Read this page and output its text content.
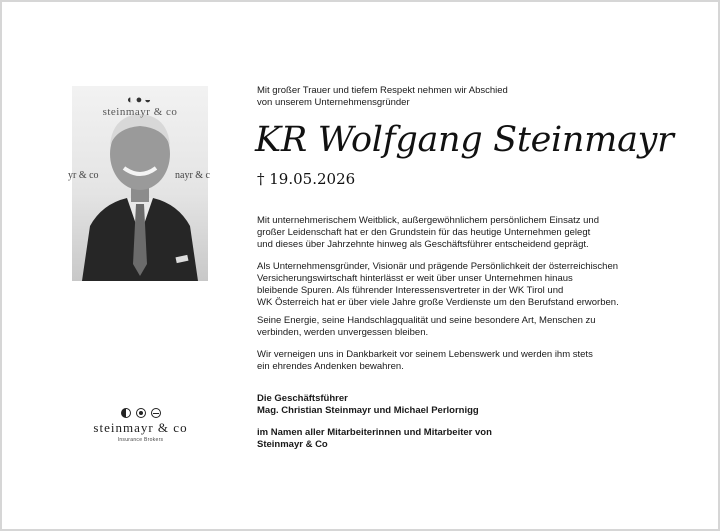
◐●◒
steinmayr & co
yr & co	nayr & c
Mit großer Trauer und tiefem Respekt nehmen wir Abschied
von unserem Unternehmensgründer
KR Wolfgang Steinmayr
† 19.05.2026

Mit unternehmerischem Weitblick, außergewöhnlichem persönlichem Einsatz und

großer Leidenschaft hat er den Grundstein für das heutige Unternehmen gelegt

und dieses über Jahrzehnte hinweg als Geschäftsführer entscheidend geprägt.

Als Unternehmensgründer, Visionär und prägende Persönlichkeit der österreichischen

Versicherungswirtschaft hinterlässt er weit über unser Unternehmen hinaus

bleibende Spuren. Als führender Interessensvertreter in der WK Tirol und

WK Österreich hat er über viele Jahre große Verdienste um den Berufstand erworben.

Seine Energie, seine Handschlagqualität und seine besondere Art, Menschen zu

verbinden, werden unvergessen bleiben.

Wir verneigen uns in Dankbarkeit vor seinem Lebenswerk und werden ihm stets

ein ehrendes Andenken bewahren.

Die Geschäftsführer
Mag. Christian Steinmayr und Michael Perlornigg
im Namen aller Mitarbeiterinnen und Mitarbeiter von
Steinmayr & Co
steinmayr & co
Insurance Brokers
